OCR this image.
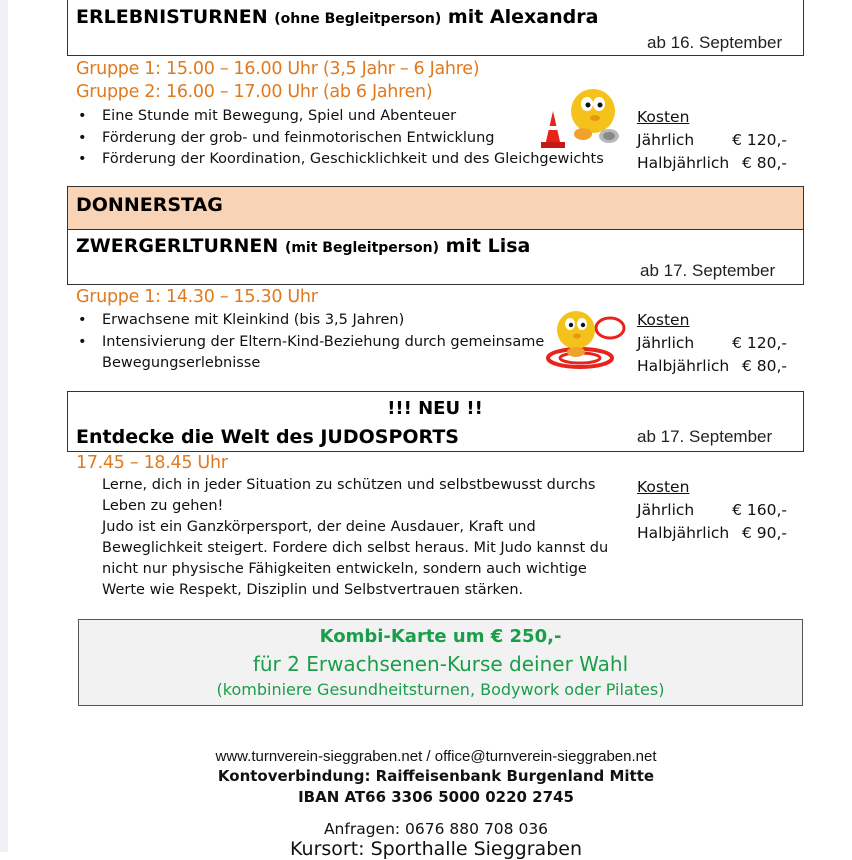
ERLEBNISTURNEN (ohne Begleitperson) mit Alexandra
ab 16. September
Gruppe 1: 15.00 – 16.00 Uhr (3,5 Jahr – 6 Jahre)
Gruppe 2: 16.00 – 17.00 Uhr (ab 6 Jahren)
• Eine Stunde mit Bewegung, Spiel und Abenteuer
• Förderung der grob- und feinmotorischen Entwicklung
• Förderung der Koordination, Geschicklichkeit und des Gleichgewichts
Kosten
Jährlich € 120,-
Halbjährlich € 80,-
DONNERSTAG
ZWERGERLTURNEN (mit Begleitperson) mit Lisa
ab 17. September
Gruppe 1: 14.30 – 15.30 Uhr
• Erwachsene mit Kleinkind (bis 3,5 Jahren)
• Intensivierung der Eltern-Kind-Beziehung durch gemeinsame Bewegungserlebnisse
Kosten
Jährlich € 120,-
Halbjährlich € 80,-
!!! NEU !!
Entdecke die Welt des JUDOSPORTS	ab 17. September
17.45 – 18.45 Uhr
Lerne, dich in jeder Situation zu schützen und selbstbewusst durchs Leben zu gehen!
Judo ist ein Ganzkörpersport, der deine Ausdauer, Kraft und Beweglichkeit steigert. Fordere dich selbst heraus. Mit Judo kannst du nicht nur physische Fähigkeiten entwickeln, sondern auch wichtige Werte wie Respekt, Disziplin und Selbstvertrauen stärken.
Kosten
Jährlich € 160,-
Halbjährlich € 90,-
Kombi-Karte um € 250,-
für 2 Erwachsenen-Kurse deiner Wahl
(kombiniere Gesundheitsturnen, Bodywork oder Pilates)
www.turnverein-sieggraben.net / office@turnverein-sieggraben.net
Kontoverbindung: Raiffeisenbank Burgenland Mitte
IBAN AT66 3306 5000 0220 2745
Anfragen: 0676 880 708 036
Kursort: Sporthalle Sieggraben
